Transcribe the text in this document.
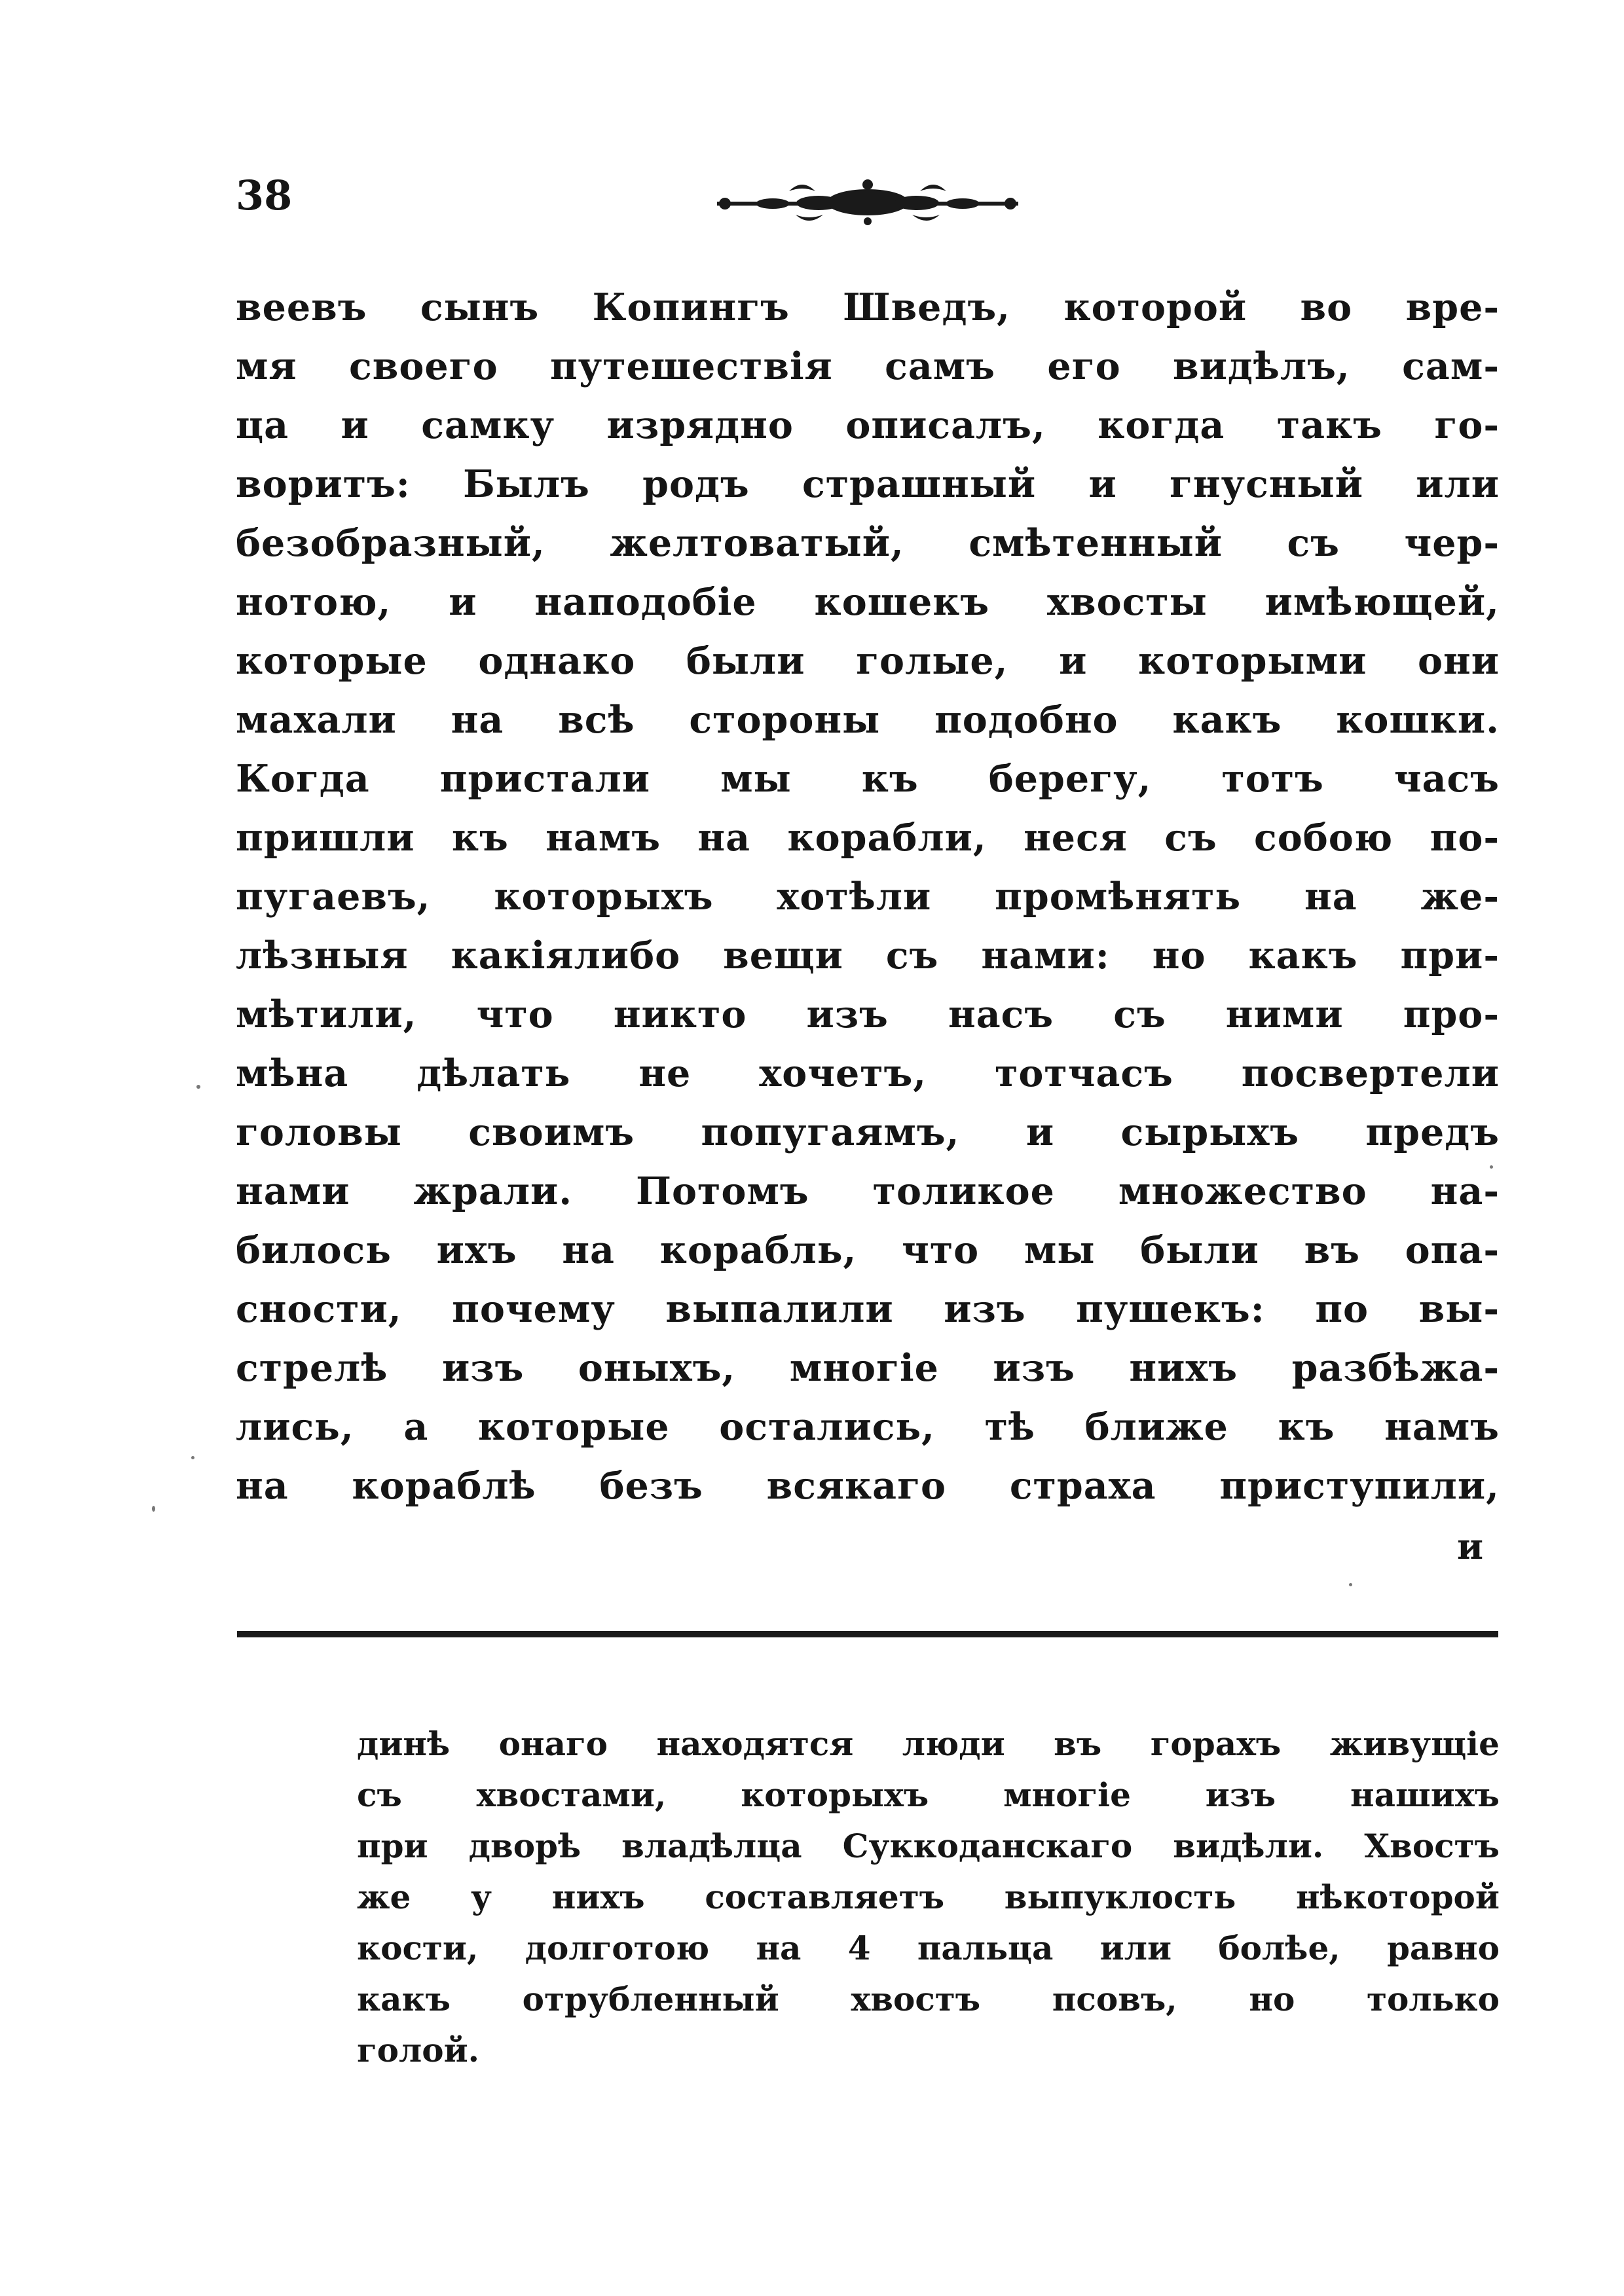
38
веевъ сынъ Копингъ Шведъ, которой во вре-
мя своего путешествія самъ его видѣлъ, сам-
ца и самку изрядно описалъ, когда такъ го-
воритъ: Былъ родъ страшный и гнусный или
безобразный, желтоватый, смѣтенный съ чер-
нотою, и наподобіе кошекъ хвосты имѣющей,
которые однако были голые, и которыми они
махали на всѣ стороны подобно какъ кошки.
Когда пристали мы къ берегу, тотъ часъ
пришли къ намъ на корабли, неся съ собою по-
пугаевъ, которыхъ хотѣли промѣнять на же-
лѣзныя какіялибо вещи съ нами: но какъ при-
мѣтили, что никто изъ насъ съ ними про-
мѣна дѣлать не хочетъ, тотчасъ посвертели
головы своимъ попугаямъ, и сырыхъ предъ
нами жрали. Потомъ толикое множество на-
билось ихъ на корабль, что мы были въ опа-
сности, почему выпалили изъ пушекъ: по вы-
стрелѣ изъ оныхъ, многіе изъ нихъ разбѣжа-
лись, а которые остались, тѣ ближе къ намъ
на кораблѣ безъ всякаго страха приступили,
и
динѣ онаго находятся люди въ горахъ живущіе
съ хвостами, которыхъ многіе изъ нашихъ
при дворѣ владѣлца Суккоданскаго видѣли. Хвостъ
же у нихъ составляетъ выпуклость нѣкоторой
кости, долготою на 4 пальца или болѣе, равно
какъ отрубленный хвостъ псовъ, но только
голой.
